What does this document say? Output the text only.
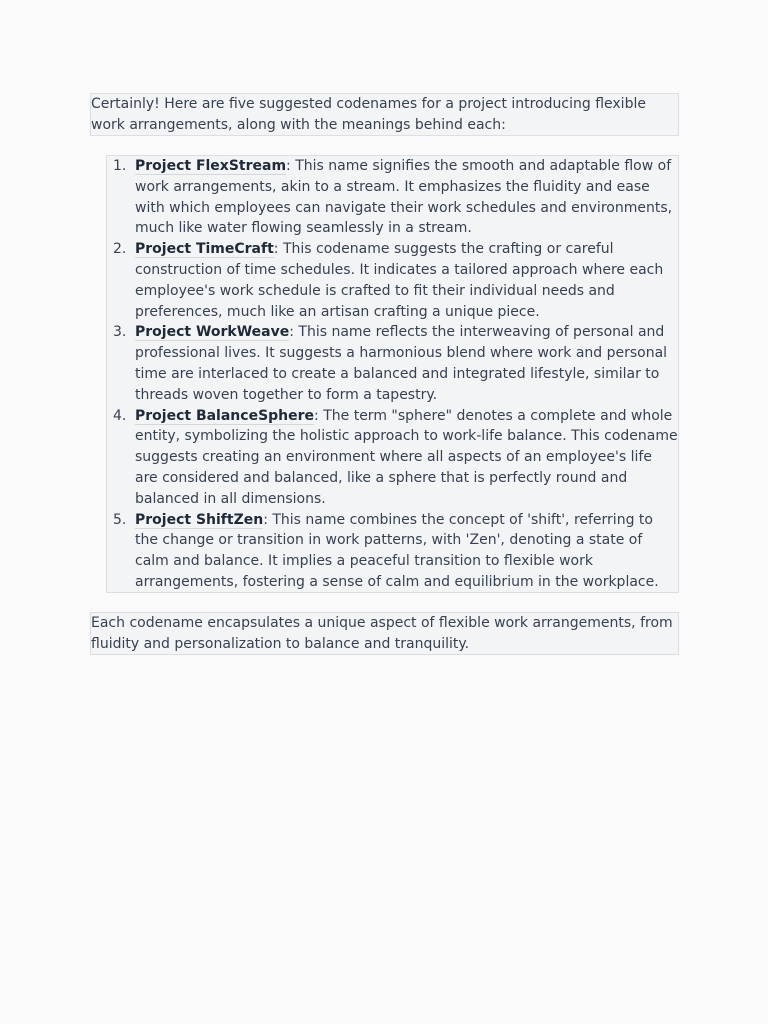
Certainly! Here are five suggested codenames for a project introducing flexible work arrangements, along with the meanings behind each:

1. Project FlexStream: This name signifies the smooth and adaptable flow of work arrangements, akin to a stream. It emphasizes the fluidity and ease with which employees can navigate their work schedules and environments, much like water flowing seamlessly in a stream.
2. Project TimeCraft: This codename suggests the crafting or careful construction of time schedules. It indicates a tailored approach where each employee's work schedule is crafted to fit their individual needs and preferences, much like an artisan crafting a unique piece.
3. Project WorkWeave: This name reflects the interweaving of personal and professional lives. It suggests a harmonious blend where work and personal time are interlaced to create a balanced and integrated lifestyle, similar to threads woven together to form a tapestry.
4. Project BalanceSphere: The term "sphere" denotes a complete and whole entity, symbolizing the holistic approach to work-life balance. This codename suggests creating an environment where all aspects of an employee's life are considered and balanced, like a sphere that is perfectly round and balanced in all dimensions.
5. Project ShiftZen: This name combines the concept of 'shift', referring to the change or transition in work patterns, with 'Zen', denoting a state of calm and balance. It implies a peaceful transition to flexible work arrangements, fostering a sense of calm and equilibrium in the workplace.

Each codename encapsulates a unique aspect of flexible work arrangements, from fluidity and personalization to balance and tranquility.
